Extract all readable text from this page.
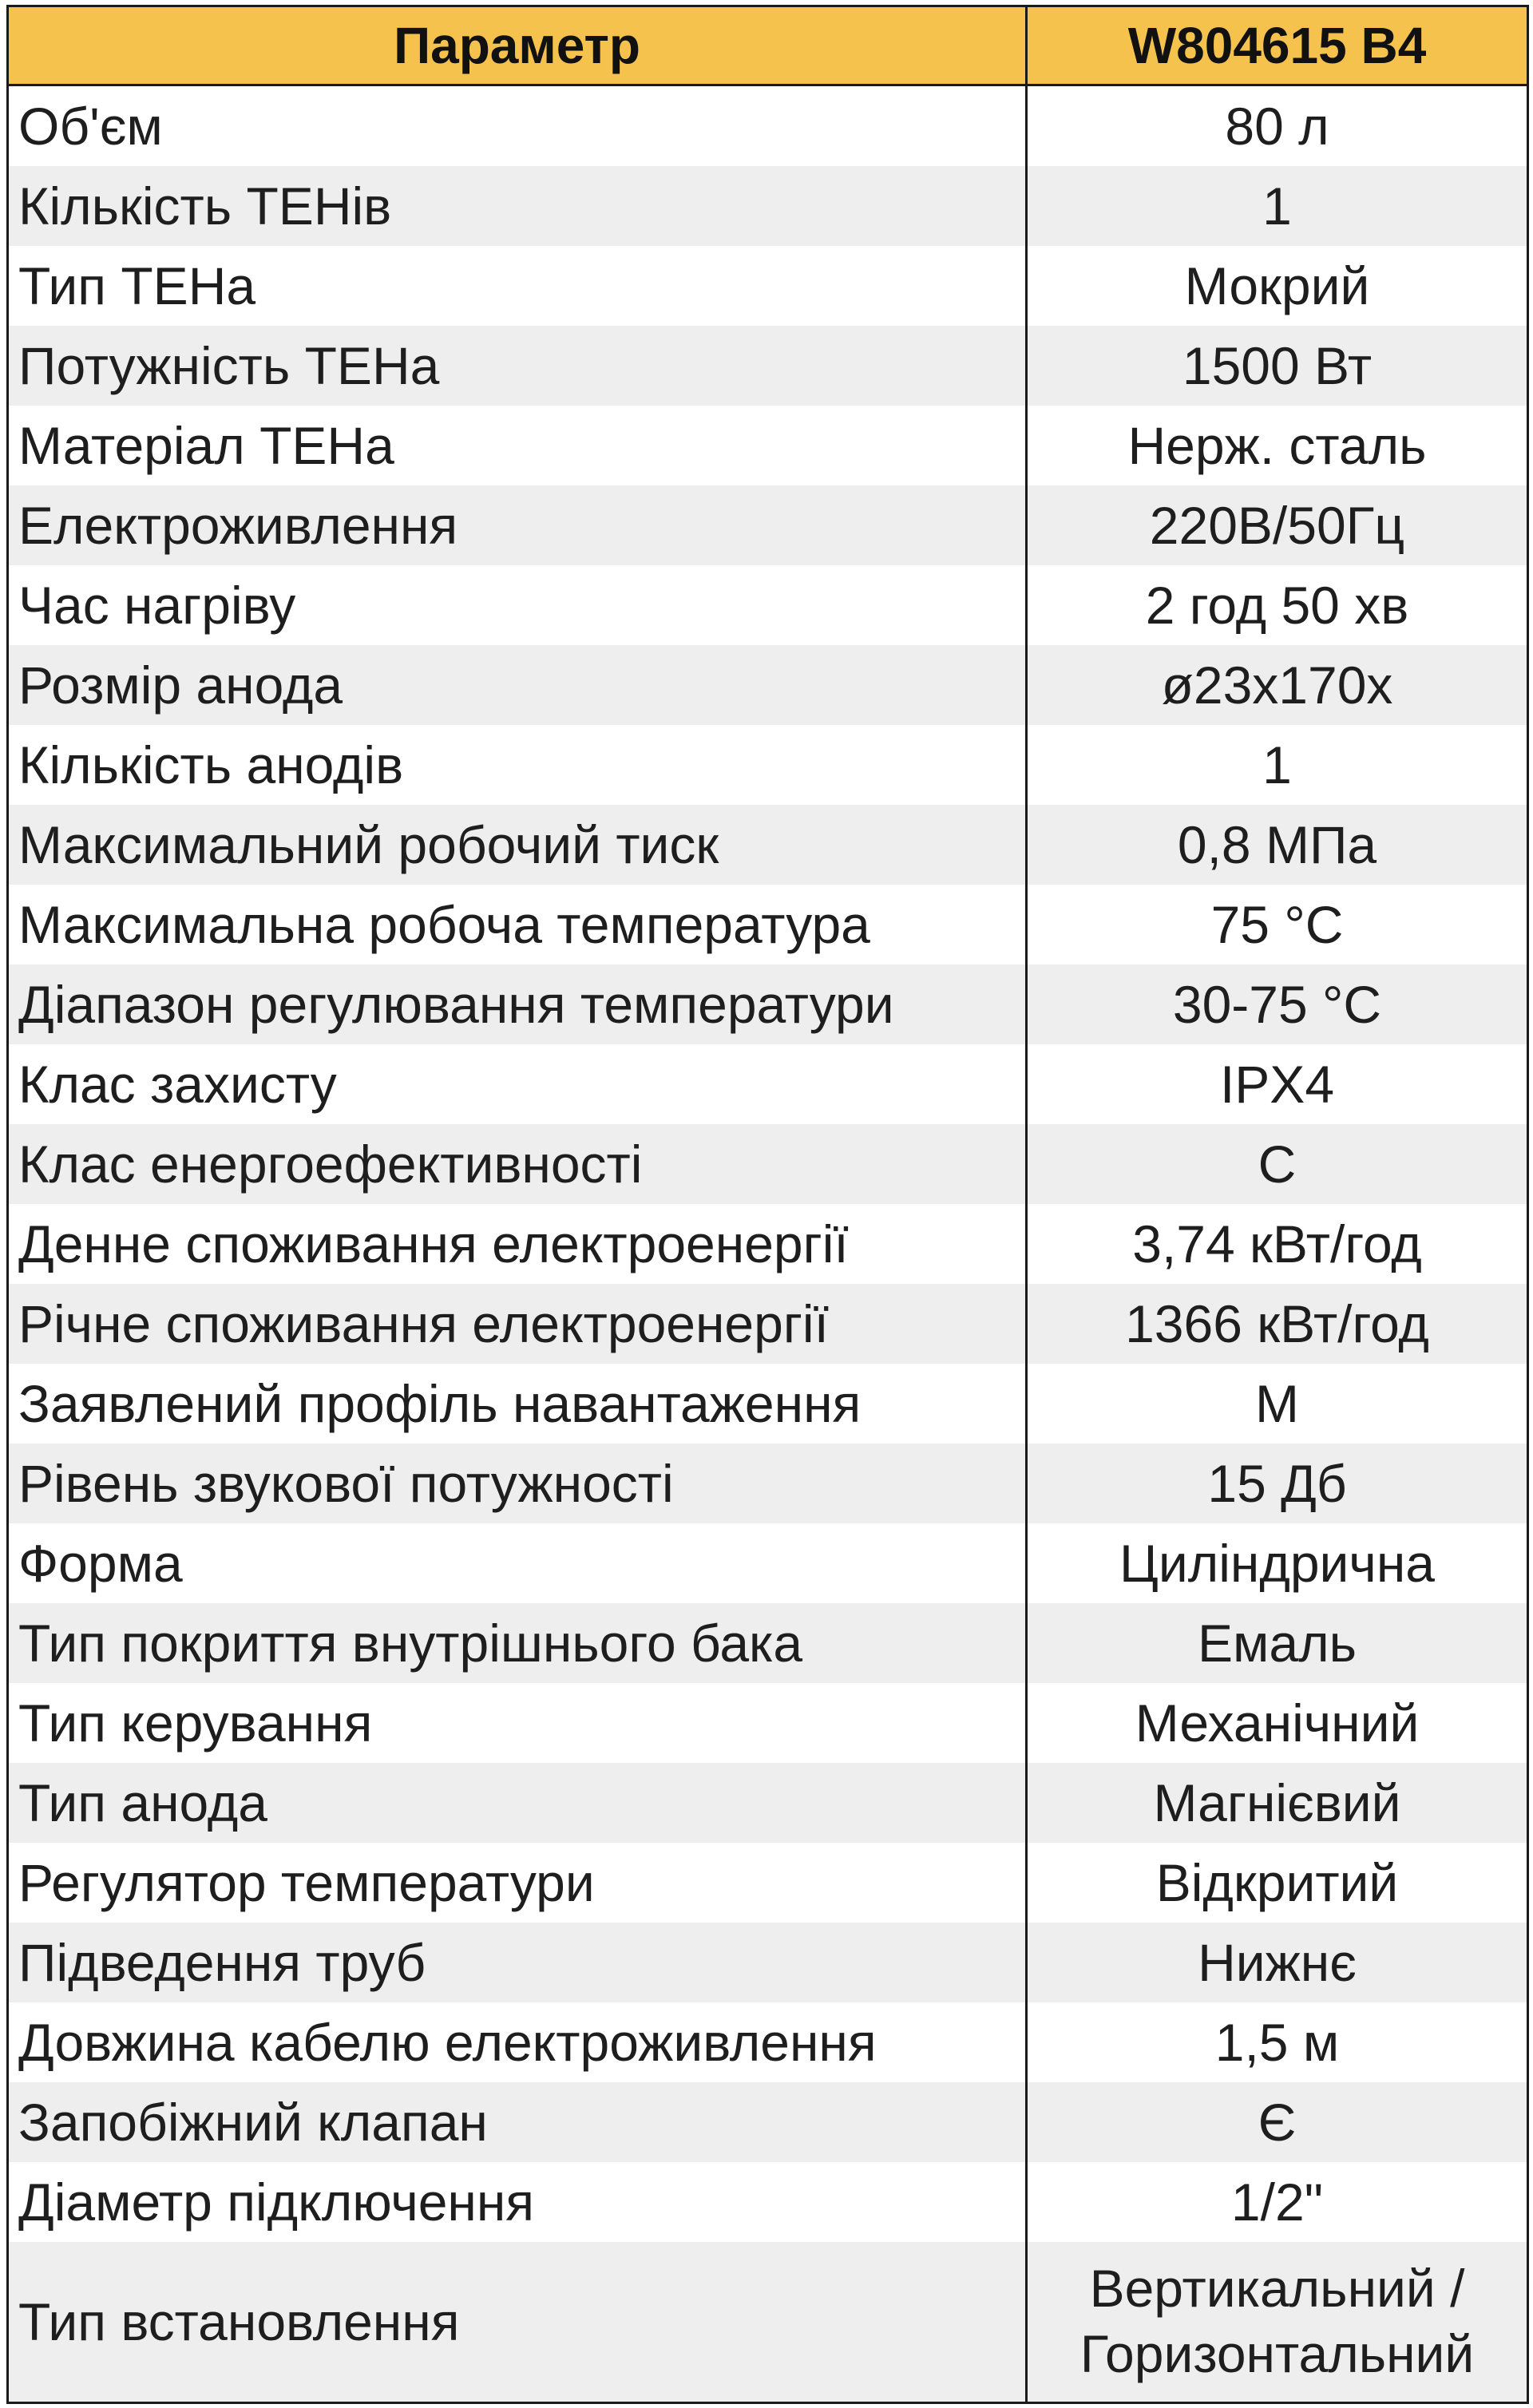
Параметр	W804615 B4
Об'єм	80 л
Кількість ТЕНів	1
Тип ТЕНа	Мокрий
Потужність ТЕНа	1500 Вт
Матеріал ТЕНа	Нерж. сталь
Електроживлення	220В/50Гц
Час нагріву	2 год 50 хв
Розмір анода	ø23x170x
Кількість анодів	1
Максимальний робочий тиск	0,8 МПа
Максимальна робоча температура	75 °С
Діапазон регулювання температури	30-75 °С
Клас захисту	IPX4
Клас енергоефективності	C
Денне споживання електроенергії	3,74 кВт/год
Річне споживання електроенергії	1366 кВт/год
Заявлений профіль навантаження	M
Рівень звукової потужності	15 Дб
Форма	Циліндрична
Тип покриття внутрішнього бака	Емаль
Тип керування	Механічний
Тип анода	Магнієвий
Регулятор температури	Відкритий
Підведення труб	Нижнє
Довжина кабелю електроживлення	1,5 м
Запобіжний клапан	Є
Діаметр підключення	1/2"
Тип встановлення	Вертикальний / Горизонтальний
